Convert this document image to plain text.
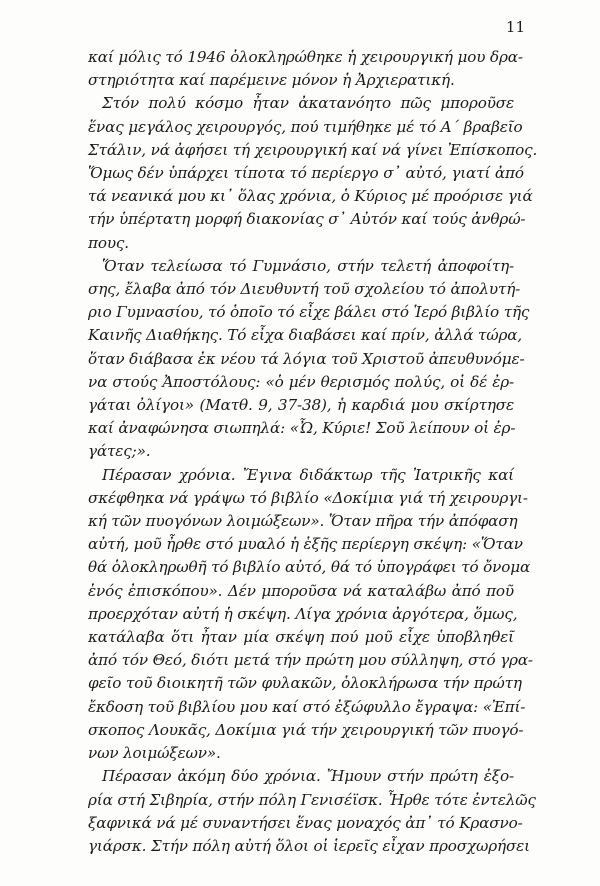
11
καί μόλις τό 1946 ὁλοκληρώθηκε ἡ χειρουργική μου δρα-
στηριότητα καί παρέμεινε μόνον ἡ Ἀρχιερατική.
Στόν πολύ κόσμο ἦταν ἀκατανόητο πῶς μποροῦσε
ἕνας μεγάλος χειρουργός, πού τιμήθηκε μέ τό Α΄ βραβεῖο
Στάλιν, νά ἀφήσει τή χειρουργική καί νά γίνει Ἐπίσκοπος.
Ὅμως δέν ὑπάρχει τίποτα τό περίεργο σ᾽ αὐτό, γιατί ἀπό
τά νεανικά μου κι᾽ ὅλας χρόνια, ὁ Κύριος μέ προόρισε γιά
τήν ὑπέρτατη μορφή διακονίας σ᾽ Αὐτόν καί τούς ἀνθρώ-
πους.
Ὅταν τελείωσα τό Γυμνάσιο, στήν τελετή ἀποφοίτη-
σης, ἔλαβα ἀπό τόν Διευθυντή τοῦ σχολείου τό ἀπολυτή-
ριο Γυμνασίου, τό ὁποῖο τό εἶχε βάλει στό Ἱερό βιβλίο τῆς
Καινῆς Διαθήκης. Τό εἶχα διαβάσει καί πρίν, ἀλλά τώρα,
ὅταν διάβασα ἐκ νέου τά λόγια τοῦ Χριστοῦ ἀπευθυνόμε-
να στούς Ἀποστόλους: «ὁ μέν θερισμός πολύς, οἱ δέ ἐρ-
γάται ὀλίγοι» (Ματθ. 9, 37-38), ἡ καρδιά μου σκίρτησε
καί ἀναφώνησα σιωπηλά: «Ὦ, Κύριε! Σοῦ λείπουν οἱ ἐρ-
γάτες;».
Πέρασαν χρόνια. Ἔγινα διδάκτωρ τῆς Ἰατρικῆς καί
σκέφθηκα νά γράψω τό βιβλίο «Δοκίμια γιά τή χειρουργι-
κή τῶν πυογόνων λοιμώξεων». Ὅταν πῆρα τήν ἀπόφαση
αὐτή, μοῦ ἦρθε στό μυαλό ἡ ἑξῆς περίεργη σκέψη: «Ὅταν
θά ὁλοκληρωθῆ τό βιβλίο αὐτό, θά τό ὑπογράφει τό ὄνομα
ἑνός ἐπισκόπου». Δέν μποροῦσα νά καταλάβω ἀπό ποῦ
προερχόταν αὐτή ἡ σκέψη. Λίγα χρόνια ἀργότερα, ὅμως,
κατάλαβα ὅτι ἦταν μία σκέψη πού μοῦ εἶχε ὑποβληθεῖ
ἀπό τόν Θεό, διότι μετά τήν πρώτη μου σύλληψη, στό γρα-
φεῖο τοῦ διοικητῆ τῶν φυλακῶν, ὁλοκλήρωσα τήν πρώτη
ἔκδοση τοῦ βιβλίου μου καί στό ἐξώφυλλο ἔγραψα: «Ἐπί-
σκοπος Λουκᾶς, Δοκίμια γιά τήν χειρουργική τῶν πυογό-
νων λοιμώξεων».
Πέρασαν ἀκόμη δύο χρόνια. Ἤμουν στήν πρώτη ἐξο-
ρία στή Σιβηρία, στήν πόλη Γενισέϊσκ. Ἦρθε τότε ἐντελῶς
ξαφνικά νά μέ συναντήσει ἕνας μοναχός ἀπ᾽ τό Κρασνο-
γιάρσκ. Στήν πόλη αὐτή ὅλοι οἱ ἱερεῖς εἶχαν προσχωρήσει
